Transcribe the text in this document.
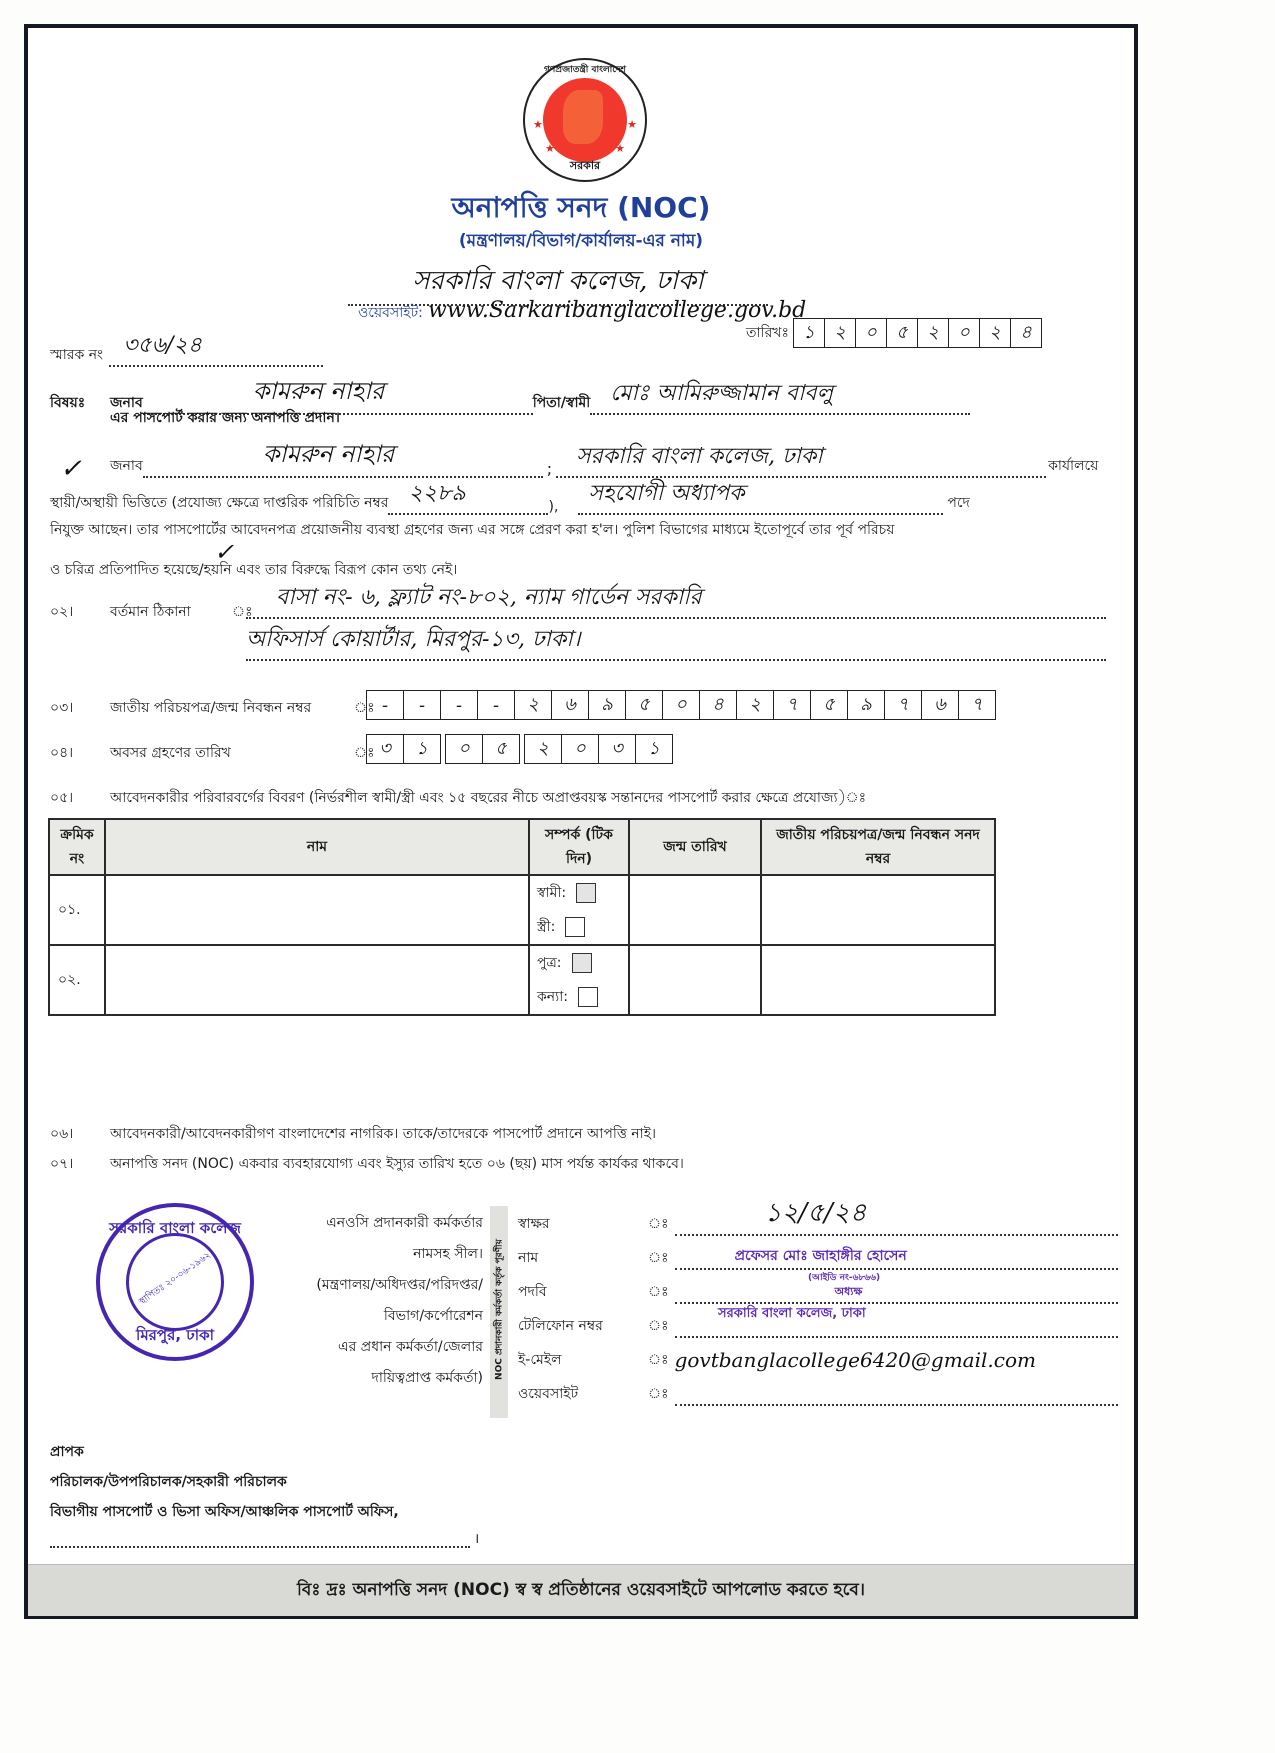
গণপ্রজাতন্ত্রী বাংলাদেশ
সরকার
★	★
★	★
অনাপত্তি সনদ (NOC)
(মন্ত্রণালয়/বিভাগ/কার্যালয়-এর নাম)
সরকারি বাংলা কলেজ, ঢাকা
ওয়েবসাইট: www.Sarkaribanglacollege.gov.bd
স্মারক নং ৩৫৬/২৪	তারিখঃ ১	২	০	৫	২	০	২	৪
বিষয়ঃ	জনাব	কামরুন নাহার	পিতা/স্বামী মোঃ আমিরুজ্জামান বাবলু
এর পাসপোর্ট করার জন্য অনাপত্তি প্রদান।
জনাব	কামরুন নাহার
;	সরকারি বাংলা কলেজ, ঢাকা	কার্যালয়ে
✓
স্থায়ী/অস্থায়ী ভিত্তিতে (প্রযোজ্য ক্ষেত্রে দাপ্তরিক পরিচিতি নম্বর ২২৮৯
),
সহযোগী অধ্যাপক	পদে
নিযুক্ত আছেন। তার পাসপোর্টের আবেদনপত্র প্রয়োজনীয় ব্যবস্থা গ্রহণের জন্য এর সঙ্গে প্রেরণ করা হ'ল। পুলিশ বিভাগের মাধ্যমে ইতোপূর্বে তার পূর্ব পরিচয়
ও চরিত্র প্রতিপাদিত হয়েছে/হয়নি এবং তার বিরুদ্ধে বিরূপ কোন তথ্য নেই।
✓
০২।	বর্তমান ঠিকানা	ঃ
বাসা নং- ৬, ফ্ল্যাট নং-৮০২, ন্যাম গার্ডেন সরকারি
অফিসার্স কোয়ার্টার, মিরপুর-১৩, ঢাকা।
০৩।	জাতীয় পরিচয়পত্র/জন্ম নিবন্ধন নম্বর	ঃ -	-	-	-	২	৬	৯	৫	০	৪	২	৭	৫	৯	৭	৬	৭
০৪।	অবসর গ্রহণের তারিখ	ঃ ৩	১	০	৫	২	০	৩	১
০৫।	আবেদনকারীর পরিবারবর্গের বিবরণ (নির্ভরশীল স্বামী/স্ত্রী এবং ১৫ বছরের নীচে অপ্রাপ্তবয়স্ক সন্তানদের পাসপোর্ট করার ক্ষেত্রে প্রযোজ্য)ঃ
ক্রমিক নং	নাম	সম্পর্ক (টিক দিন)	জন্ম তারিখ	জাতীয় পরিচয়পত্র/জন্ম নিবন্ধন সনদ নম্বর
০১.		
স্বামী:
স্ত্রী:

০২.		
পুত্র:
কন্যা:

০৬।	আবেদনকারী/আবেদনকারীগণ বাংলাদেশের নাগরিক। তাকে/তাদেরকে পাসপোর্ট প্রদানে আপত্তি নাই।
০৭।	অনাপত্তি সনদ (NOC) একবার ব্যবহারযোগ্য এবং ইস্যুর তারিখ হতে ০৬ (ছয়) মাস পর্যন্ত কার্যকর থাকবে।
সরকারি বাংলা কলেজ
স্থাপিতঃ ২০-০৬-১৯৬২
মিরপুর, ঢাকা
এনওসি প্রদানকারী কর্মকর্তার
নামসহ সীল।
(মন্ত্রণালয়/অধিদপ্তর/পরিদপ্তর/
বিভাগ/কর্পোরেশন
এর প্রধান কর্মকর্তা/জেলার
দায়িত্বপ্রাপ্ত কর্মকর্তা)	NOC প্রদানকারী কর্মকর্তা কর্তৃক পূরণীয়
স্বাক্ষর	ঃ	১২/৫/২৪
নাম	ঃ	প্রফেসর মোঃ জাহাঙ্গীর হোসেন
(আইডি নং-৬৮৬৬)
পদবি	ঃ	অধ্যক্ষ
সরকারি বাংলা কলেজ, ঢাকা
টেলিফোন নম্বর	ঃ
ই-মেইল	ঃ govtbanglacollege6420@gmail.com
ওয়েবসাইট	ঃ
প্রাপক
পরিচালক/উপপরিচালক/সহকারী পরিচালক
বিভাগীয় পাসপোর্ট ও ভিসা অফিস/আঞ্চলিক পাসপোর্ট অফিস,
।
বিঃ দ্রঃ অনাপত্তি সনদ (NOC) স্ব স্ব প্রতিষ্ঠানের ওয়েবসাইটে আপলোড করতে হবে।
